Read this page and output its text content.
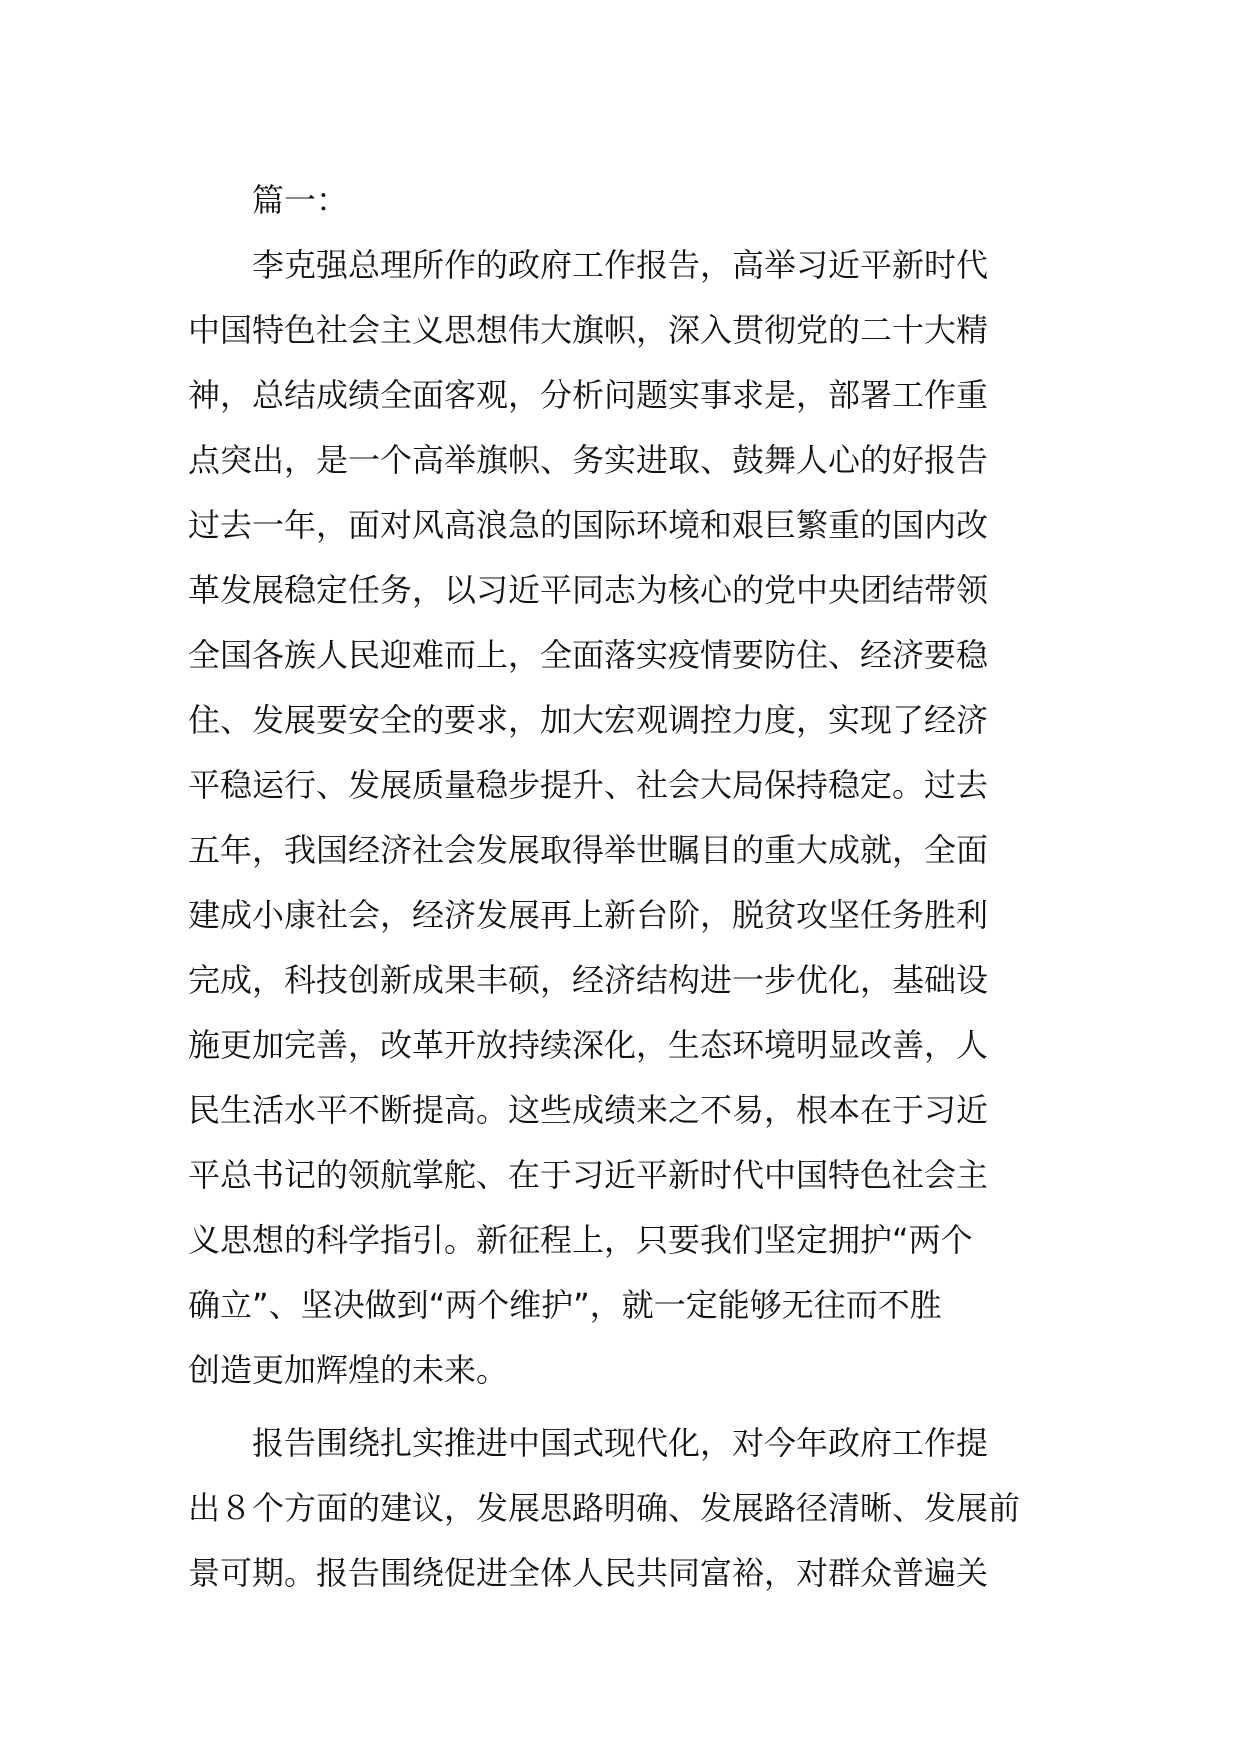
篇一：
李克强总理所作的政府工作报告，高举习近平新时代
中国特色社会主义思想伟大旗帜，深入贯彻党的二十大精
神，总结成绩全面客观，分析问题实事求是，部署工作重
点突出，是一个高举旗帜、务实进取、鼓舞人心的好报告
过去一年，面对风高浪急的国际环境和艰巨繁重的国内改
革发展稳定任务，以习近平同志为核心的党中央团结带领
全国各族人民迎难而上，全面落实疫情要防住、经济要稳
住、发展要安全的要求，加大宏观调控力度，实现了经济
平稳运行、发展质量稳步提升、社会大局保持稳定。过去
五年，我国经济社会发展取得举世瞩目的重大成就，全面
建成小康社会，经济发展再上新台阶，脱贫攻坚任务胜利
完成，科技创新成果丰硕，经济结构进一步优化，基础设
施更加完善，改革开放持续深化，生态环境明显改善，人
民生活水平不断提高。这些成绩来之不易，根本在于习近
平总书记的领航掌舵、在于习近平新时代中国特色社会主
义思想的科学指引。新征程上，只要我们坚定拥护“两个
确立”、坚决做到“两个维护”，就一定能够无往而不胜
创造更加辉煌的未来。
报告围绕扎实推进中国式现代化，对今年政府工作提
出８个方面的建议，发展思路明确、发展路径清晰、发展前
景可期。报告围绕促进全体人民共同富裕，对群众普遍关
